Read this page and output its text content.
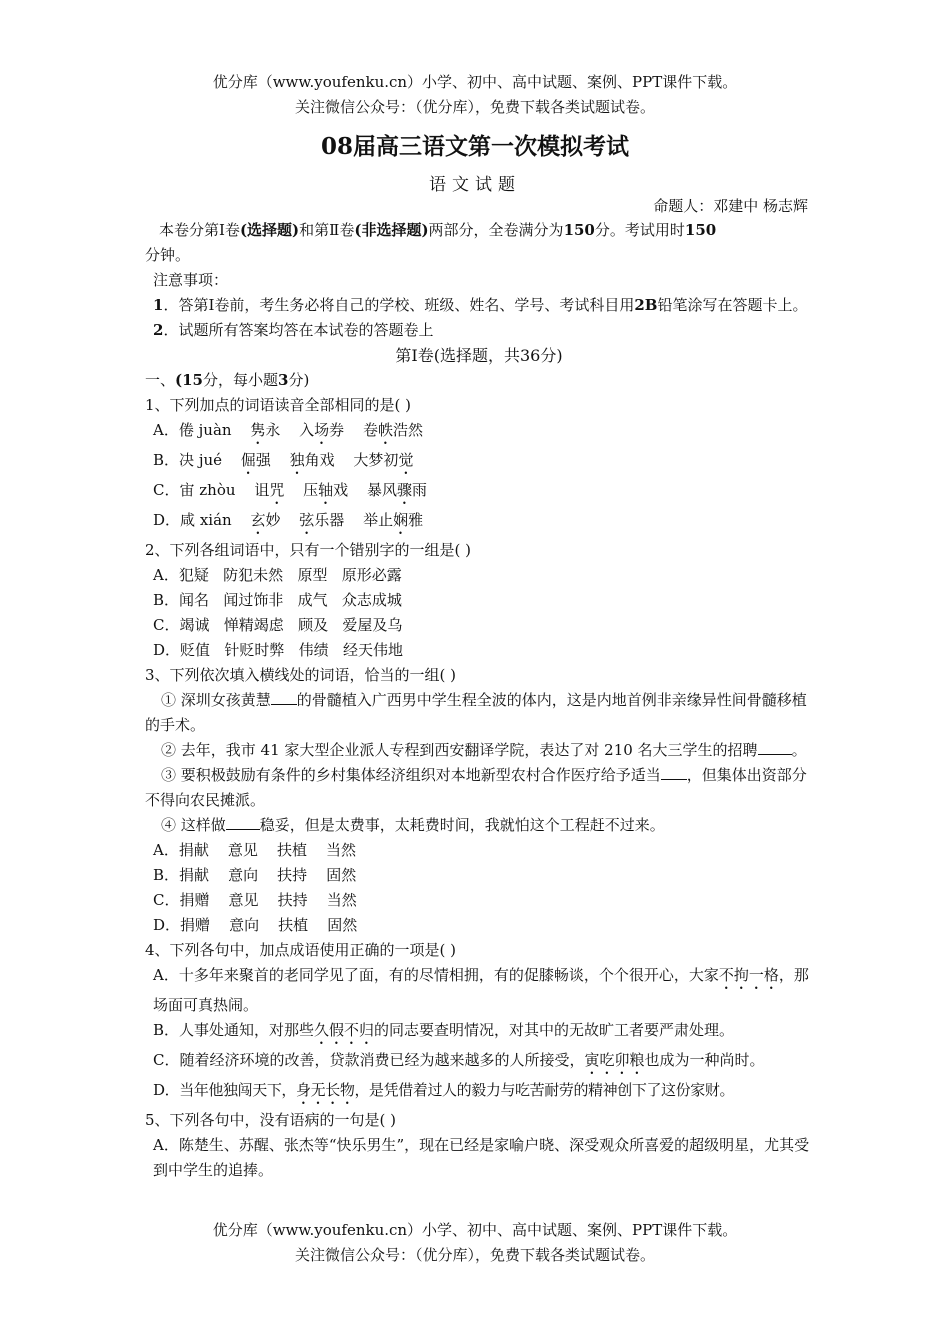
优分库（www.youfenku.cn）小学、初中、高中试题、案例、PPT课件下载。
关注微信公众号：（优分库），免费下载各类试题试卷。
08届高三语文第一次模拟考试
语文试题
命题人：邓建中 杨志辉

本卷分第Ⅰ卷(选择题)和第Ⅱ卷(非选择题)两部分，全卷满分为150分。考试用时150
分钟。

注意事项：

1．答第Ⅰ卷前，考生务必将自己的学校、班级、姓名、学号、考试科目用2B铅笔涂写在答题卡上。

2．试题所有答案均答在本试卷的答题卷上

第Ⅰ卷(选择题，共36分)

一、(15分，每小题3分)

1、下列加点的词语读音全部相同的是( )

A．倦 juàn 隽永 入场券 卷帙浩然

B．决 jué 倔强 独角戏 大梦初觉

C．宙 zhòu 诅咒 压轴戏 暴风骤雨

D．咸 xián 玄妙 弦乐器 举止娴雅

2、下列各组词语中，只有一个错别字的一组是( )

A．犯疑   防犯未然   原型   原形必露

B．闻名   闻过饰非   成气   众志成城

C．竭诚   惮精竭虑   顾及   爱屋及乌

D．贬值   针贬时弊   伟绩   经天伟地

3、下列依次填入横线处的词语，恰当的一组( )

① 深圳女孩黄慧 的骨髓植入广西男中学生程全波的体内，这是内地首例非亲缘异性间骨髓移植的手术。

② 去年，我市 41 家大型企业派人专程到西安翻译学院，表达了对 210 名大三学生的招聘 。

③ 要积极鼓励有条件的乡村集体经济组织对本地新型农村合作医疗给予适当 ，但集体出资部分不得向农民摊派。

④ 这样做 稳妥，但是太费事，太耗费时间，我就怕这个工程赶不过来。

A．捐献    意见    扶植    当然

B．捐献    意向    扶持    固然

C．捐赠    意见    扶持    当然

D．捐赠    意向    扶植    固然

4、下列各句中，加点成语使用正确的一项是( )

A．十多年来聚首的老同学见了面，有的尽情相拥，有的促膝畅谈，个个很开心，大家不拘一格，那场面可真热闹。

B．人事处通知，对那些久假不归的同志要查明情况，对其中的无故旷工者要严肃处理。

C．随着经济环境的改善，贷款消费已经为越来越多的人所接受，寅吃卯粮也成为一种尚时。

D．当年他独闯天下，身无长物，是凭借着过人的毅力与吃苦耐劳的精神创下了这份家财。

5、下列各句中，没有语病的一句是( )

A．陈楚生、苏醒、张杰等“快乐男生”，现在已经是家喻户晓、深受观众所喜爱的超级明星，尤其受到中学生的追捧。

优分库（www.youfenku.cn）小学、初中、高中试题、案例、PPT课件下载。
关注微信公众号：（优分库），免费下载各类试题试卷。
